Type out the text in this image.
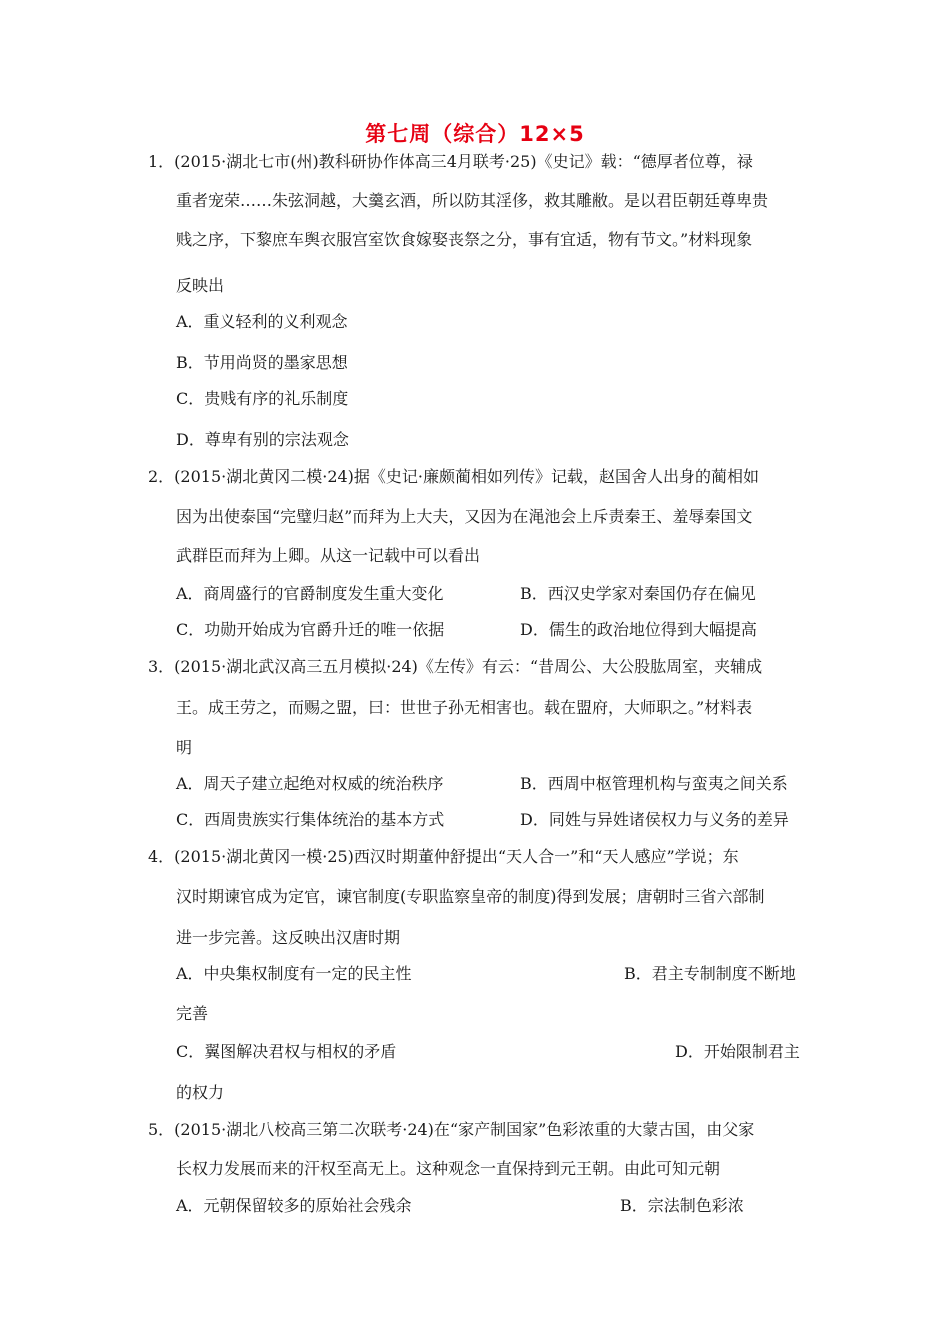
第七周（综合）12×5
1．(2015·湖北七市(州)教科研协作体高三4月联考·25)《史记》载：“德厚者位尊，禄
重者宠荣……朱弦洞越，大羹玄酒，所以防其淫侈，救其雕敝。是以君臣朝廷尊卑贵
贱之序，下黎庶车舆衣服宫室饮食嫁娶丧祭之分，事有宜适，物有节文。”材料现象
反映出
A．重义轻利的义利观念
B．节用尚贤的墨家思想
C．贵贱有序的礼乐制度
D．尊卑有别的宗法观念
2．(2015·湖北黄冈二模·24)据《史记·廉颇蔺相如列传》记载，赵国舍人出身的蔺相如
因为出使泰国“完璧归赵”而拜为上大夫，又因为在渑池会上斥责秦王、羞辱秦国文
武群臣而拜为上卿。从这一记载中可以看出
A．商周盛行的官爵制度发生重大变化	B．西汉史学家对秦国仍存在偏见
C．功勋开始成为官爵升迁的唯一依据	D．儒生的政治地位得到大幅提高
3．(2015·湖北武汉高三五月模拟·24)《左传》有云：“昔周公、大公股肱周室，夹辅成
王。成王劳之，而赐之盟，曰：世世子孙无相害也。载在盟府，大师职之。”材料表
明
A．周天子建立起绝对权威的统治秩序	B．西周中枢管理机构与蛮夷之间关系
C．西周贵族实行集体统治的基本方式	D．同姓与异姓诸侯权力与义务的差异
4．(2015·湖北黄冈一模·25)西汉时期董仲舒提出“天人合一”和“天人感应”学说；东
汉时期谏官成为定官，谏官制度(专职监察皇帝的制度)得到发展；唐朝时三省六部制
进一步完善。这反映出汉唐时期
A．中央集权制度有一定的民主性	B．君主专制制度不断地
完善
C．翼图解决君权与相权的矛盾	D．开始限制君主
的权力
5．(2015·湖北八校高三第二次联考·24)在“家产制国家”色彩浓重的大蒙古国，由父家
长权力发展而来的汗权至高无上。这种观念一直保持到元王朝。由此可知元朝
A．元朝保留较多的原始社会残余	B．宗法制色彩浓
